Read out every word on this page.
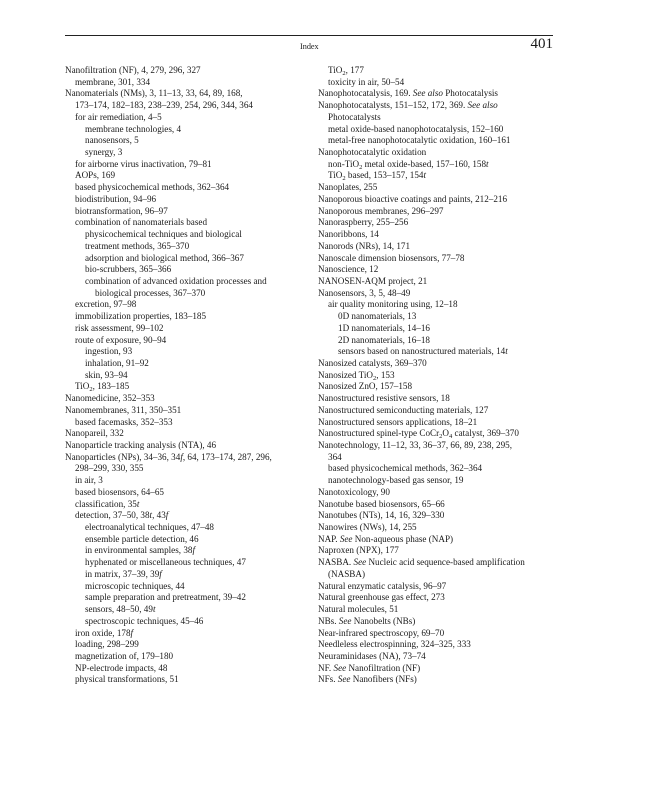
Index	401
Nanofiltration (NF), 4, 279, 296, 327
membrane, 301, 334
Nanomaterials (NMs), 3, 11–13, 33, 64, 89, 168,
173–174, 182–183, 238–239, 254, 296, 344, 364
for air remediation, 4–5
membrane technologies, 4
nanosensors, 5
synergy, 3
for airborne virus inactivation, 79–81
AOPs, 169
based physicochemical methods, 362–364
biodistribution, 94–96
biotransformation, 96–97
combination of nanomaterials based
physicochemical techniques and biological
treatment methods, 365–370
adsorption and biological method, 366–367
bio-scrubbers, 365–366
combination of advanced oxidation processes and
biological processes, 367–370
excretion, 97–98
immobilization properties, 183–185
risk assessment, 99–102
route of exposure, 90–94
ingestion, 93
inhalation, 91–92
skin, 93–94
TiO$_2$, 183–185
Nanomedicine, 352–353
Nanomembranes, 311, 350–351
based facemasks, 352–353
Nanopareil, 332
Nanoparticle tracking analysis (NTA), 46
Nanoparticles (NPs), 34–36, 34f, 64, 173–174, 287, 296,
298–299, 330, 355
in air, 3
based biosensors, 64–65
classification, 35t
detection, 37–50, 38t, 43f
electroanalytical techniques, 47–48
ensemble particle detection, 46
in environmental samples, 38f
hyphenated or miscellaneous techniques, 47
in matrix, 37–39, 39f
microscopic techniques, 44
sample preparation and pretreatment, 39–42
sensors, 48–50, 49t
spectroscopic techniques, 45–46
iron oxide, 178f
loading, 298–299
magnetization of, 179–180
NP-electrode impacts, 48
physical transformations, 51
TiO$_2$, 177
toxicity in air, 50–54
Nanophotocatalysis, 169. See also Photocatalysis
Nanophotocatalysts, 151–152, 172, 369. See also
Photocatalysts
metal oxide-based nanophotocatalysis, 152–160
metal-free nanophotocatalytic oxidation, 160–161
Nanophotocatalytic oxidation
non-TiO$_2$ metal oxide-based, 157–160, 158t
TiO$_2$ based, 153–157, 154t
Nanoplates, 255
Nanoporous bioactive coatings and paints, 212–216
Nanoporous membranes, 296–297
Nanoraspberry, 255–256
Nanoribbons, 14
Nanorods (NRs), 14, 171
Nanoscale dimension biosensors, 77–78
Nanoscience, 12
NANOSEN-AQM project, 21
Nanosensors, 3, 5, 48–49
air quality monitoring using, 12–18
0D nanomaterials, 13
1D nanomaterials, 14–16
2D nanomaterials, 16–18
sensors based on nanostructured materials, 14t
Nanosized catalysts, 369–370
Nanosized TiO$_2$, 153
Nanosized ZnO, 157–158
Nanostructured resistive sensors, 18
Nanostructured semiconducting materials, 127
Nanostructured sensors applications, 18–21
Nanostructured spinel-type $CoCr_2O_4$ catalyst, 369–370
Nanotechnology, 11–12, 33, 36–37, 66, 89, 238, 295,
364
based physicochemical methods, 362–364
nanotechnology-based gas sensor, 19
Nanotoxicology, 90
Nanotube based biosensors, 65–66
Nanotubes (NTs), 14, 16, 329–330
Nanowires (NWs), 14, 255
NAP. See Non-aqueous phase (NAP)
Naproxen (NPX), 177
NASBA. See Nucleic acid sequence-based amplification
(NASBA)
Natural enzymatic catalysis, 96–97
Natural greenhouse gas effect, 273
Natural molecules, 51
NBs. See Nanobelts (NBs)
Near-infrared spectroscopy, 69–70
Needleless electrospinning, 324–325, 333
Neuraminidases (NA), 73–74
NF. See Nanofiltration (NF)
NFs. See Nanofibers (NFs)
